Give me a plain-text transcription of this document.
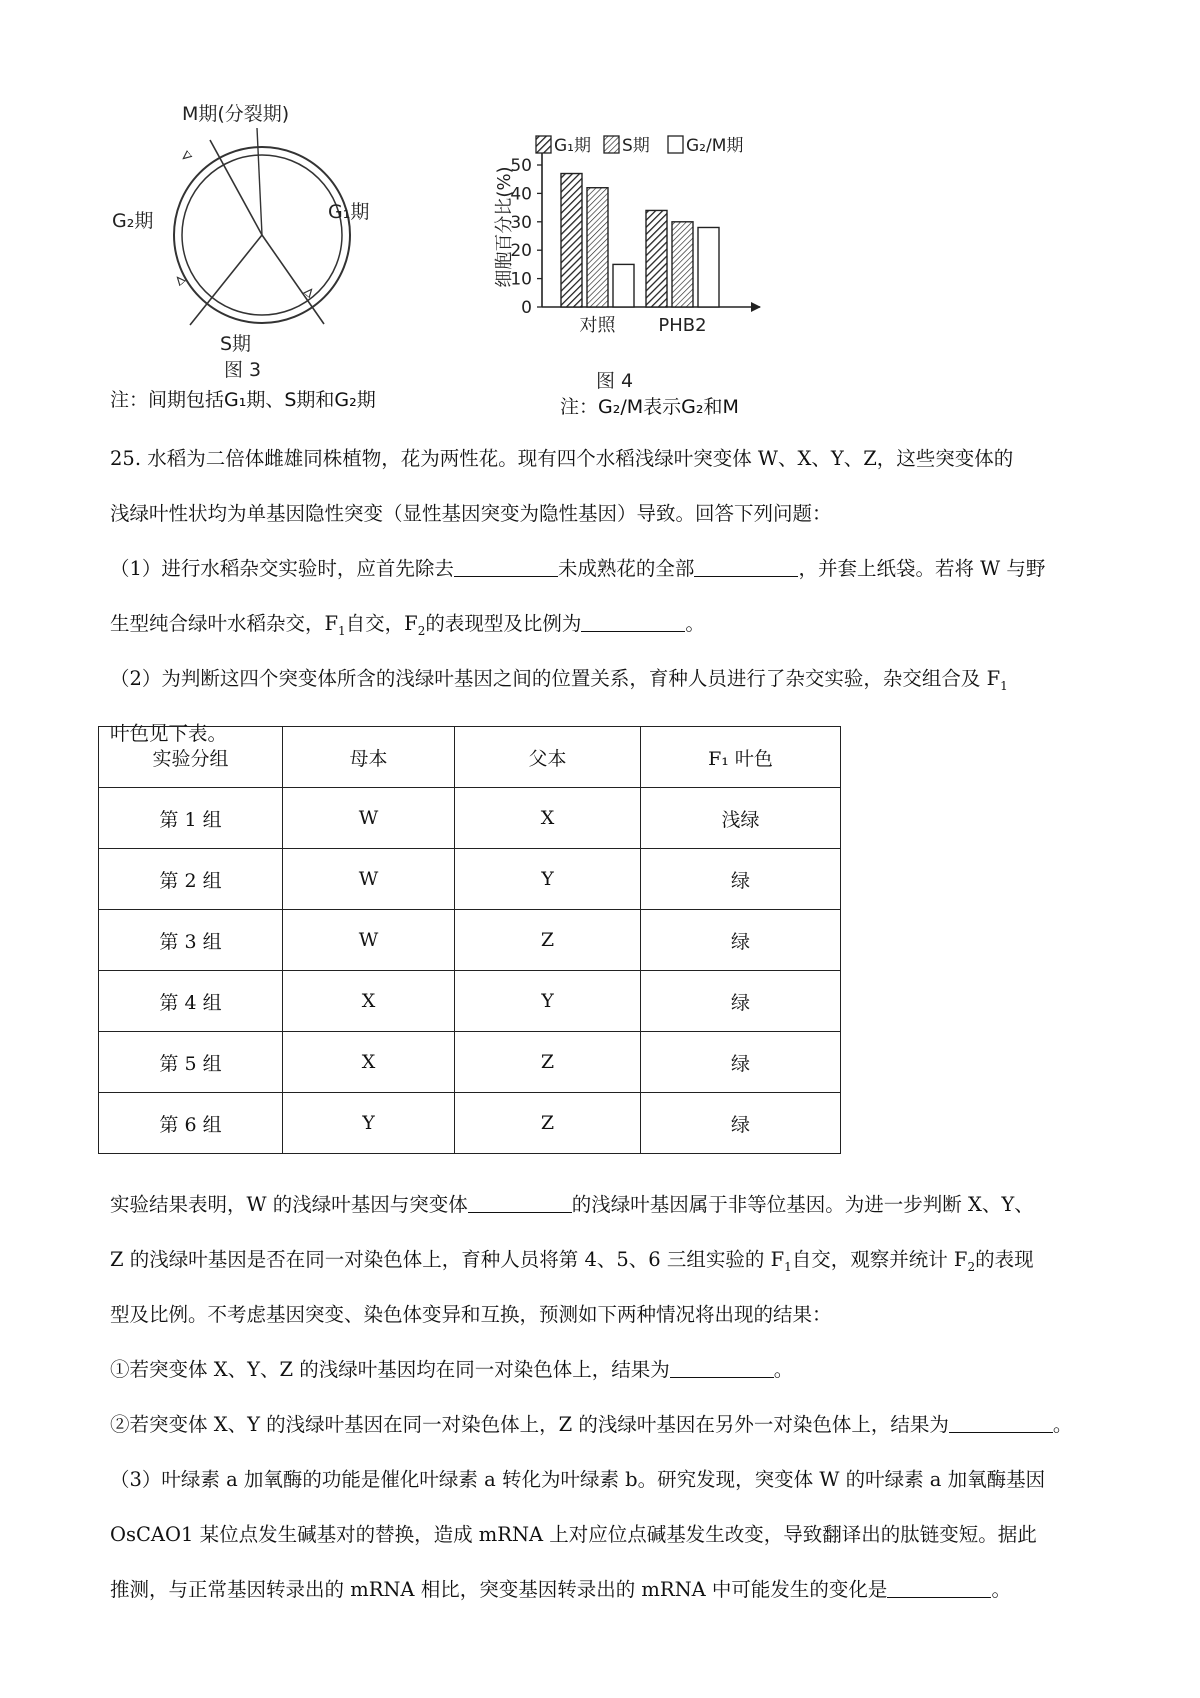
M期(分裂期)
G₁期
G₂期
S期
图 3
注：间期包括G₁期、S期和G₂期
0
10
20
30
40
50
细胞百分比(%)
对照 PHB2
G₁期 S期 G₂/M期
图 4
注：G₂/M表示G₂和M

25. 水稻为二倍体雌雄同株植物，花为两性花。现有四个水稻浅绿叶突变体 W、X、Y、Z，这些突变体的

浅绿叶性状均为单基因隐性突变（显性基因突变为隐性基因）导致。回答下列问题：

（1）进行水稻杂交实验时，应首先除去	未成熟花的全部	，并套上纸袋。若将 W 与野

生型纯合绿叶水稻杂交，$F_1$自交，$F_2$的表现型及比例为	。

（2）为判断这四个突变体所含的浅绿叶基因之间的位置关系，育种人员进行了杂交实验，杂交组合及 $F_1$

叶色见下表。

实验分组	母本	父本	F₁ 叶色
第 1 组	W	X	浅绿
第 2 组	W	Y	绿
第 3 组	W	Z	绿
第 4 组	X	Y	绿
第 5 组	X	Z	绿
第 6 组	Y	Z	绿

实验结果表明，W 的浅绿叶基因与突变体	的浅绿叶基因属于非等位基因。为进一步判断 X、Y、

Z 的浅绿叶基因是否在同一对染色体上，育种人员将第 4、5、6 三组实验的 $F_1$自交，观察并统计 $F_2$的表现

型及比例。不考虑基因突变、染色体变异和互换，预测如下两种情况将出现的结果：

①若突变体 X、Y、Z 的浅绿叶基因均在同一对染色体上，结果为	。

②若突变体 X、Y 的浅绿叶基因在同一对染色体上，Z 的浅绿叶基因在另外一对染色体上，结果为	。

（3）叶绿素 a 加氧酶的功能是催化叶绿素 a 转化为叶绿素 b。研究发现，突变体 W 的叶绿素 a 加氧酶基因

OsCAO1 某位点发生碱基对的替换，造成 mRNA 上对应位点碱基发生改变，导致翻译出的肽链变短。据此

推测，与正常基因转录出的 mRNA 相比，突变基因转录出的 mRNA 中可能发生的变化是	。
